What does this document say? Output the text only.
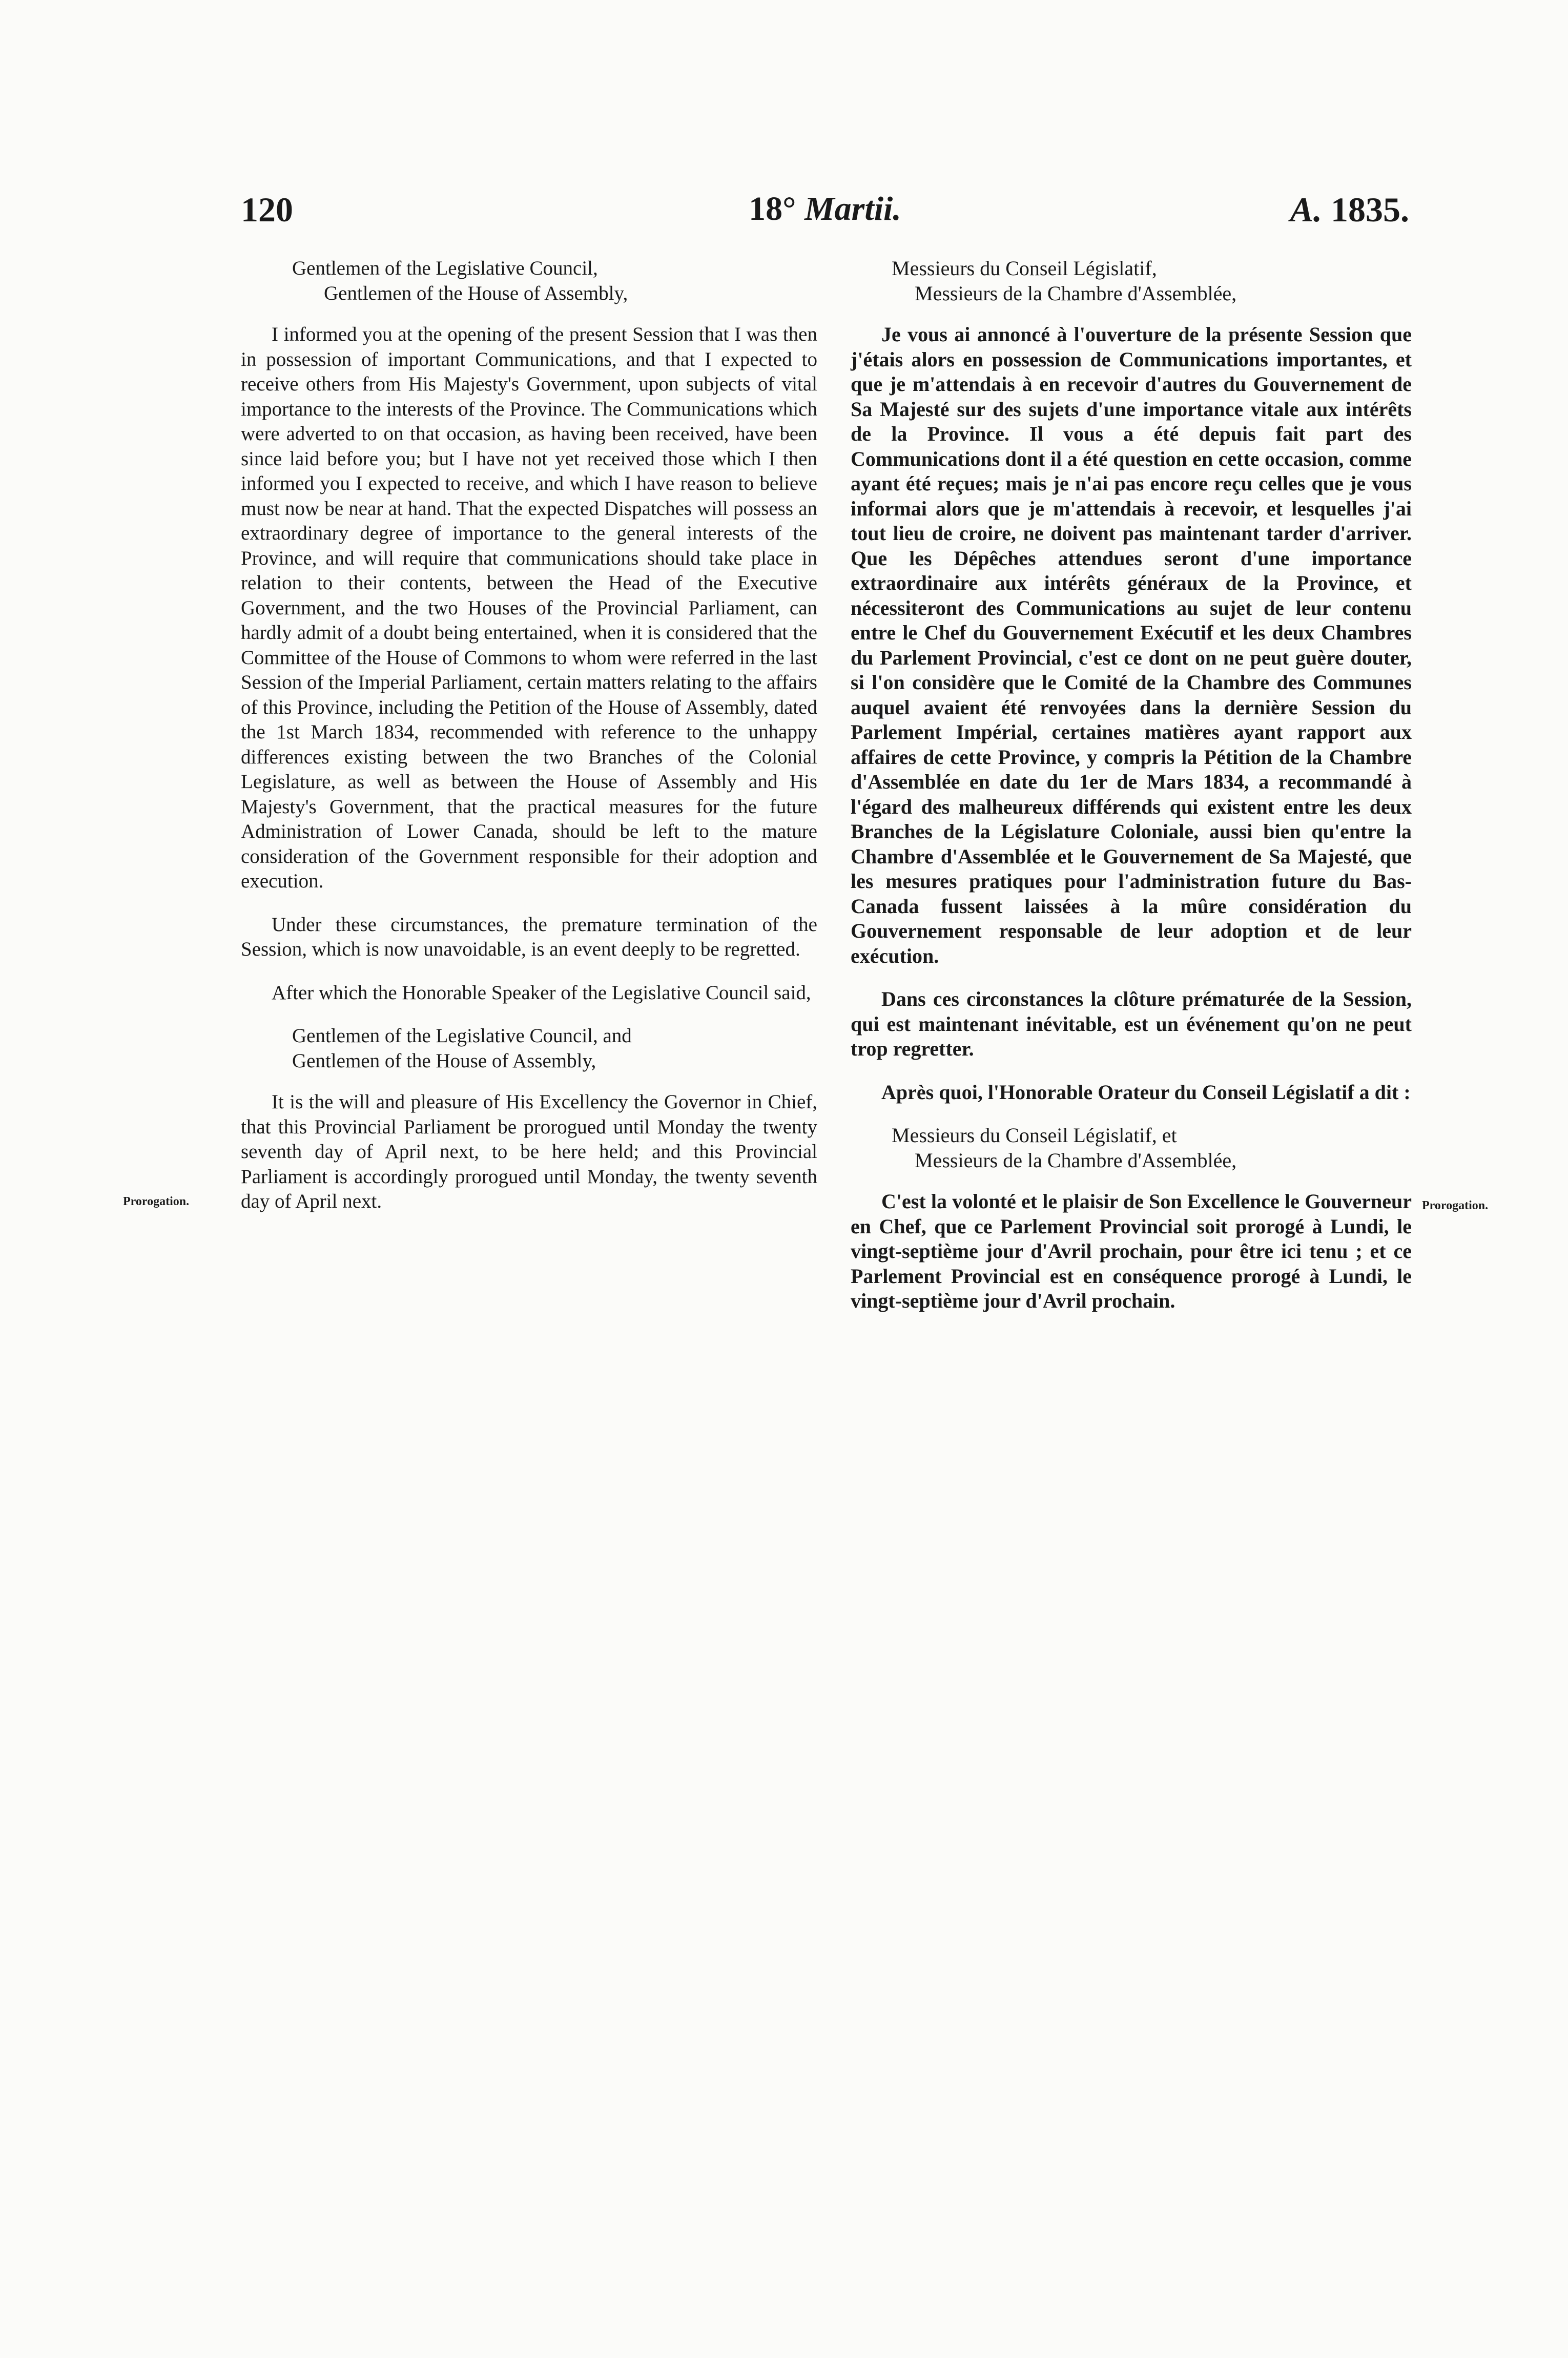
120	18° Martii.	A. 1835.
Gentlemen of the Legislative Council,
Gentlemen of the House of Assembly,

I informed you at the opening of the present Session that I was then in possession of important Communications, and that I expected to receive others from His Majesty's Government, upon subjects of vital importance to the interests of the Province. The Communications which were adverted to on that occasion, as having been received, have been since laid before you; but I have not yet received those which I then informed you I expected to receive, and which I have reason to believe must now be near at hand. That the expected Dispatches will possess an extraordinary degree of importance to the general interests of the Province, and will require that communications should take place in relation to their contents, between the Head of the Executive Government, and the two Houses of the Provincial Parliament, can hardly admit of a doubt being entertained, when it is considered that the Committee of the House of Commons to whom were referred in the last Session of the Imperial Parliament, certain matters relating to the affairs of this Province, including the Petition of the House of Assembly, dated the 1st March 1834, recommended with reference to the unhappy differences existing between the two Branches of the Colonial Legislature, as well as between the House of Assembly and His Majesty's Government, that the practical measures for the future Administration of Lower Canada, should be left to the mature consideration of the Government responsible for their adoption and execution.

Under these circumstances, the premature termination of the Session, which is now unavoidable, is an event deeply to be regretted.

After which the Honorable Speaker of the Legislative Council said,

Gentlemen of the Legislative Council, and
Gentlemen of the House of Assembly,

It is the will and pleasure of His Excellency the Governor in Chief, that this Provincial Parliament be prorogued until Monday the twenty seventh day of April next, to be here held; and this Provincial Parliament is accordingly prorogued until Monday, the twenty seventh day of April next.

Messieurs du Conseil Législatif,
Messieurs de la Chambre d'Assemblée,

Je vous ai annoncé à l'ouverture de la présente Session que j'étais alors en possession de Communications importantes, et que je m'attendais à en recevoir d'autres du Gouvernement de Sa Majesté sur des sujets d'une importance vitale aux intérêts de la Province. Il vous a été depuis fait part des Communications dont il a été question en cette occasion, comme ayant été reçues; mais je n'ai pas encore reçu celles que je vous informai alors que je m'attendais à recevoir, et lesquelles j'ai tout lieu de croire, ne doivent pas maintenant tarder d'arriver. Que les Dépêches attendues seront d'une importance extraordinaire aux intérêts généraux de la Province, et nécessiteront des Communications au sujet de leur contenu entre le Chef du Gouvernement Exécutif et les deux Chambres du Parlement Provincial, c'est ce dont on ne peut guère douter, si l'on considère que le Comité de la Chambre des Communes auquel avaient été renvoyées dans la dernière Session du Parlement Impérial, certaines matières ayant rapport aux affaires de cette Province, y compris la Pétition de la Chambre d'Assemblée en date du 1er de Mars 1834, a recommandé à l'égard des malheureux différends qui existent entre les deux Branches de la Législature Coloniale, aussi bien qu'entre la Chambre d'Assemblée et le Gouvernement de Sa Majesté, que les mesures pratiques pour l'administration future du Bas-Canada fussent laissées à la mûre considération du Gouvernement responsable de leur adoption et de leur exécution.

Dans ces circonstances la clôture prématurée de la Session, qui est maintenant inévitable, est un événement qu'on ne peut trop regretter.

Après quoi, l'Honorable Orateur du Conseil Législatif a dit :

Messieurs du Conseil Législatif, et
Messieurs de la Chambre d'Assemblée,

C'est la volonté et le plaisir de Son Excellence le Gouverneur en Chef, que ce Parlement Provincial soit prorogé à Lundi, le vingt-septième jour d'Avril prochain, pour être ici tenu ; et ce Parlement Provincial est en conséquence prorogé à Lundi, le vingt-septième jour d'Avril prochain.

Prorogation.	Prorogation.
